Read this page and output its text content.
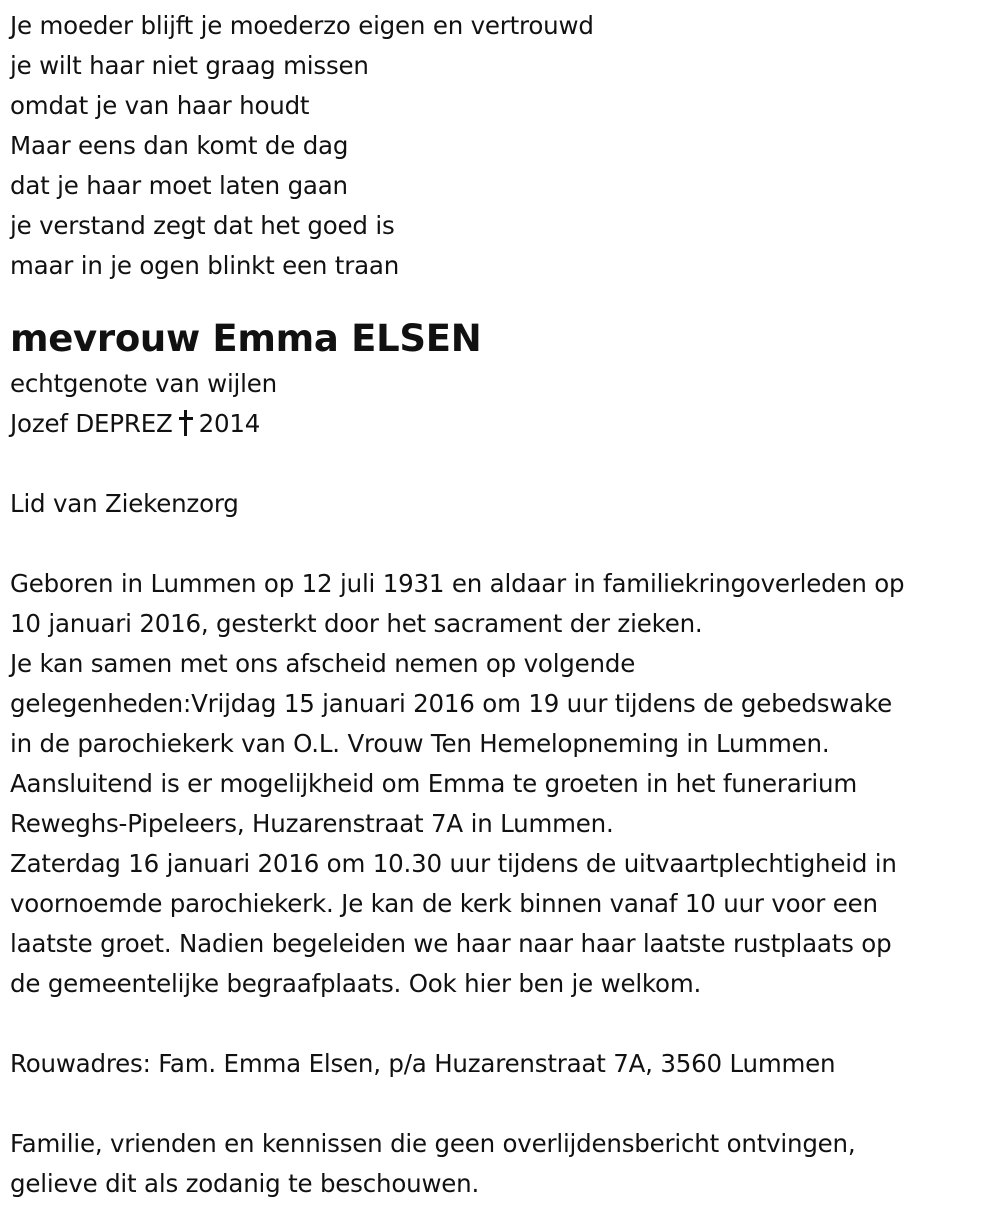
Je moeder blijft je moederzo eigen en vertrouwd
je wilt haar niet graag missen
omdat je van haar houdt
Maar eens dan komt de dag
dat je haar moet laten gaan
je verstand zegt dat het goed is
maar in je ogen blinkt een traan
mevrouw Emma ELSEN
echtgenote van wijlen
Jozef DEPREZ 2014
Lid van Ziekenzorg
Geboren in Lummen op 12 juli 1931 en aldaar in familiekringoverleden op
10 januari 2016, gesterkt door het sacrament der zieken.
Je kan samen met ons afscheid nemen op volgende
gelegenheden:Vrijdag 15 januari 2016 om 19 uur tijdens de gebedswake
in de parochiekerk van O.L. Vrouw Ten Hemelopneming in Lummen.
Aansluitend is er mogelijkheid om Emma te groeten in het funerarium
Reweghs-Pipeleers, Huzarenstraat 7A in Lummen.
Zaterdag 16 januari 2016 om 10.30 uur tijdens de uitvaartplechtigheid in
voornoemde parochiekerk. Je kan de kerk binnen vanaf 10 uur voor een
laatste groet. Nadien begeleiden we haar naar haar laatste rustplaats op
de gemeentelijke begraafplaats. Ook hier ben je welkom.
Rouwadres: Fam. Emma Elsen, p/a Huzarenstraat 7A, 3560 Lummen
Familie, vrienden en kennissen die geen overlijdensbericht ontvingen,
gelieve dit als zodanig te beschouwen.
